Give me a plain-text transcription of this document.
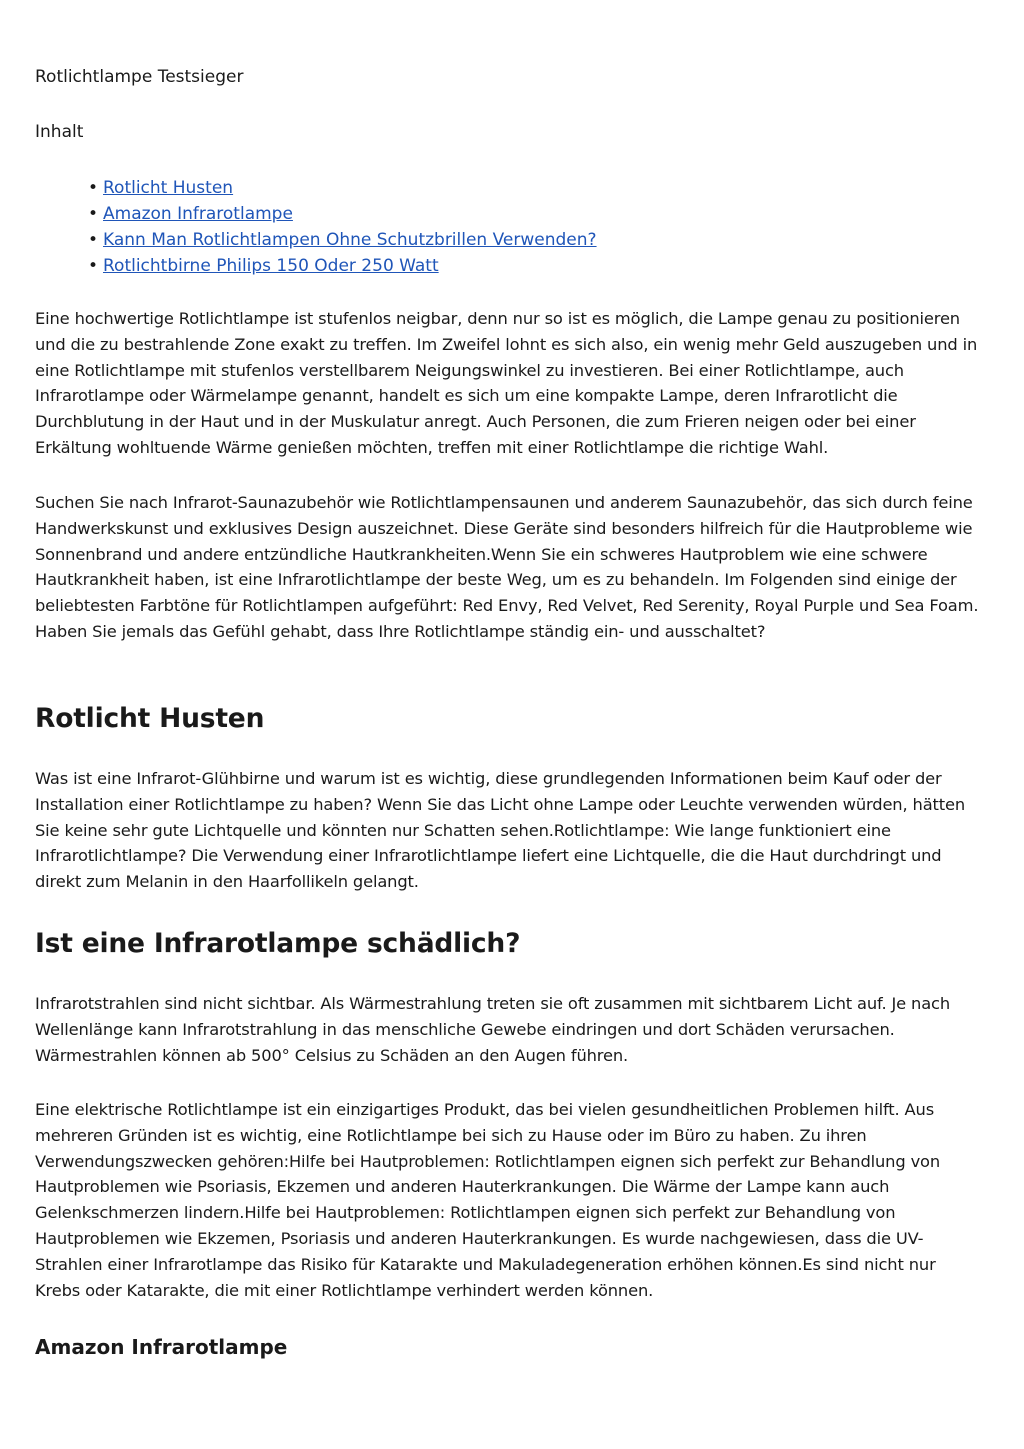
Rotlichtlampe Testsieger

Inhalt

• Rotlicht Husten
• Amazon Infrarotlampe
• Kann Man Rotlichtlampen Ohne Schutzbrillen Verwenden?
• Rotlichtbirne Philips 150 Oder 250 Watt

Eine hochwertige Rotlichtlampe ist stufenlos neigbar, denn nur so ist es möglich, die Lampe genau zu positionieren und die zu bestrahlende Zone exakt zu treffen. Im Zweifel lohnt es sich also, ein wenig mehr Geld auszugeben und in eine Rotlichtlampe mit stufenlos verstellbarem Neigungswinkel zu investieren. Bei einer Rotlichtlampe, auch Infrarotlampe oder Wärmelampe genannt, handelt es sich um eine kompakte Lampe, deren Infrarotlicht die Durchblutung in der Haut und in der Muskulatur anregt. Auch Personen, die zum Frieren neigen oder bei einer Erkältung wohltuende Wärme genießen möchten, treffen mit einer Rotlichtlampe die richtige Wahl.

Suchen Sie nach Infrarot-Saunazubehör wie Rotlichtlampensaunen und anderem Saunazubehör, das sich durch feine Handwerkskunst und exklusives Design auszeichnet. Diese Geräte sind besonders hilfreich für die Hautprobleme wie Sonnenbrand und andere entzündliche Hautkrankheiten.Wenn Sie ein schweres Hautproblem wie eine schwere Hautkrankheit haben, ist eine Infrarotlichtlampe der beste Weg, um es zu behandeln. Im Folgenden sind einige der beliebtesten Farbtöne für Rotlichtlampen aufgeführt: Red Envy, Red Velvet, Red Serenity, Royal Purple und Sea Foam. Haben Sie jemals das Gefühl gehabt, dass Ihre Rotlichtlampe ständig ein- und ausschaltet?

Rotlicht Husten

Was ist eine Infrarot-Glühbirne und warum ist es wichtig, diese grundlegenden Informationen beim Kauf oder der Installation einer Rotlichtlampe zu haben? Wenn Sie das Licht ohne Lampe oder Leuchte verwenden würden, hätten Sie keine sehr gute Lichtquelle und könnten nur Schatten sehen.Rotlichtlampe: Wie lange funktioniert eine Infrarotlichtlampe? Die Verwendung einer Infrarotlichtlampe liefert eine Lichtquelle, die die Haut durchdringt und direkt zum Melanin in den Haarfollikeln gelangt.

Ist eine Infrarotlampe schädlich?

Infrarotstrahlen sind nicht sichtbar. Als Wärmestrahlung treten sie oft zusammen mit sichtbarem Licht auf. Je nach Wellenlänge kann Infrarotstrahlung in das menschliche Gewebe eindringen und dort Schäden verursachen. Wärmestrahlen können ab 500° Celsius zu Schäden an den Augen führen.

Eine elektrische Rotlichtlampe ist ein einzigartiges Produkt, das bei vielen gesundheitlichen Problemen hilft. Aus mehreren Gründen ist es wichtig, eine Rotlichtlampe bei sich zu Hause oder im Büro zu haben. Zu ihren Verwendungszwecken gehören:Hilfe bei Hautproblemen: Rotlichtlampen eignen sich perfekt zur Behandlung von Hautproblemen wie Psoriasis, Ekzemen und anderen Hauterkrankungen. Die Wärme der Lampe kann auch Gelenkschmerzen lindern.Hilfe bei Hautproblemen: Rotlichtlampen eignen sich perfekt zur Behandlung von Hautproblemen wie Ekzemen, Psoriasis und anderen Hauterkrankungen. Es wurde nachgewiesen, dass die UV-Strahlen einer Infrarotlampe das Risiko für Katarakte und Makuladegeneration erhöhen können.Es sind nicht nur Krebs oder Katarakte, die mit einer Rotlichtlampe verhindert werden können.

Amazon Infrarotlampe
